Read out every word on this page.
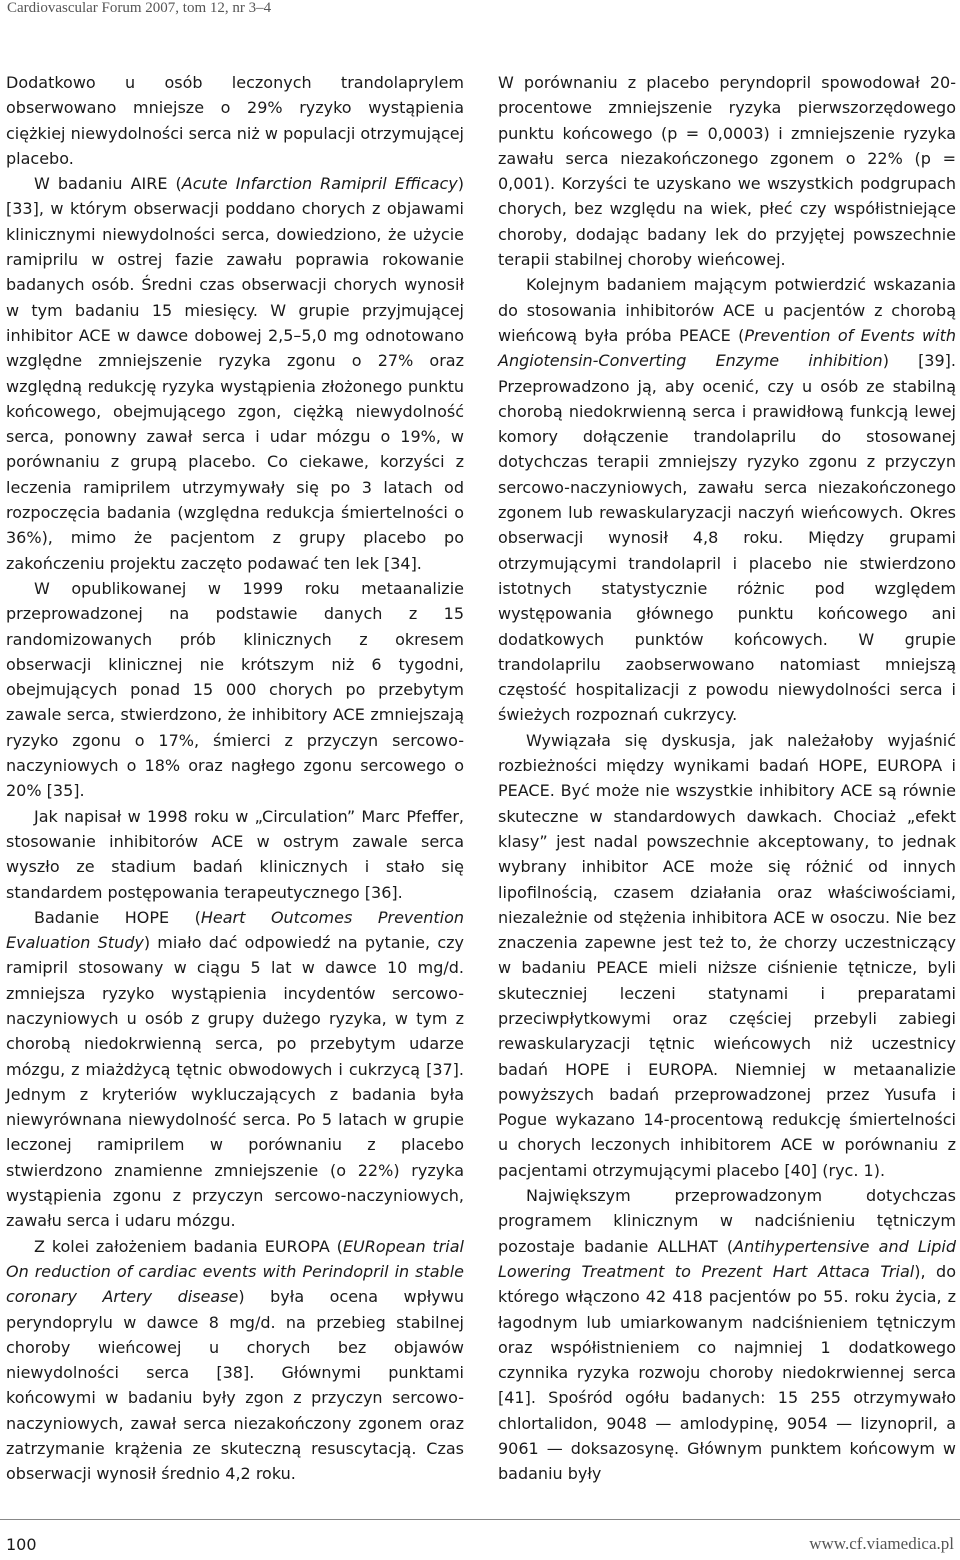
Cardiovascular Forum 2007, tom 12, nr 3–4

Dodatkowo u osób leczonych trandolaprylem obserwowano mniejsze o 29% ryzyko wystąpienia ciężkiej niewydolności serca niż w populacji otrzymującej placebo.

W badaniu AIRE (Acute Infarction Ramipril Efficacy) [33], w którym obserwacji poddano chorych z objawami klinicznymi niewydolności serca, dowiedziono, że użycie ramiprilu w ostrej fazie zawału poprawia rokowanie badanych osób. Średni czas obserwacji chorych wynosił w tym badaniu 15 miesięcy. W grupie przyjmującej inhibitor ACE w dawce dobowej 2,5–5,0 mg odnotowano względne zmniejszenie ryzyka zgonu o 27% oraz względną redukcję ryzyka wystąpienia złożonego punktu końcowego, obejmującego zgon, ciężką niewydolność serca, ponowny zawał serca i udar mózgu o 19%, w porównaniu z grupą placebo. Co ciekawe, korzyści z leczenia ramiprilem utrzymywały się po 3 latach od rozpoczęcia badania (względna redukcja śmiertelności o 36%), mimo że pacjentom z grupy placebo po zakończeniu projektu zaczęto podawać ten lek [34].

W opublikowanej w 1999 roku metaanalizie przeprowadzonej na podstawie danych z 15 randomizowanych prób klinicznych z okresem obserwacji klinicznej nie krótszym niż 6 tygodni, obejmujących ponad 15 000 chorych po przebytym zawale serca, stwierdzono, że inhibitory ACE zmniejszają ryzyko zgonu o 17%, śmierci z przyczyn sercowo-naczyniowych o 18% oraz nagłego zgonu sercowego o 20% [35].

Jak napisał w 1998 roku w „Circulation” Marc Pfeffer, stosowanie inhibitorów ACE w ostrym zawale serca wyszło ze stadium badań klinicznych i stało się standardem postępowania terapeutycznego [36].

Badanie HOPE (Heart Outcomes Prevention Evaluation Study) miało dać odpowiedź na pytanie, czy ramipril stosowany w ciągu 5 lat w dawce 10 mg/d. zmniejsza ryzyko wystąpienia incydentów sercowo-naczyniowych u osób z grupy dużego ryzyka, w tym z chorobą niedokrwienną serca, po przebytym udarze mózgu, z miażdżycą tętnic obwodowych i cukrzycą [37]. Jednym z kryteriów wykluczających z badania była niewyrównana niewydolność serca. Po 5 latach w grupie leczonej ramiprilem w porównaniu z placebo stwierdzono znamienne zmniejszenie (o 22%) ryzyka wystąpienia zgonu z przyczyn sercowo-naczyniowych, zawału serca i udaru mózgu.

Z kolei założeniem badania EUROPA (EURopean trial On reduction of cardiac events with Perindopril in stable coronary Artery disease) była ocena wpływu peryndoprylu w dawce 8 mg/d. na przebieg stabilnej choroby wieńcowej u chorych bez objawów niewydolności serca [38]. Głównymi punktami końcowymi w badaniu były zgon z przyczyn sercowo-naczyniowych, zawał serca niezakończony zgonem oraz zatrzymanie krążenia ze skuteczną resuscytacją. Czas obserwacji wynosił średnio 4,2 roku.

W porównaniu z placebo peryndopril spowodował 20-procentowe zmniejszenie ryzyka pierwszorzędowego punktu końcowego (p = 0,0003) i zmniejszenie ryzyka zawału serca niezakończonego zgonem o 22% (p = 0,001). Korzyści te uzyskano we wszystkich podgrupach chorych, bez względu na wiek, płeć czy współistniejące choroby, dodając badany lek do przyjętej powszechnie terapii stabilnej choroby wieńcowej.

Kolejnym badaniem mającym potwierdzić wskazania do stosowania inhibitorów ACE u pacjentów z chorobą wieńcową była próba PEACE (Prevention of Events with Angiotensin-Converting Enzyme inhibition) [39]. Przeprowadzono ją, aby ocenić, czy u osób ze stabilną chorobą niedokrwienną serca i prawidłową funkcją lewej komory dołączenie trandolaprilu do stosowanej dotychczas terapii zmniejszy ryzyko zgonu z przyczyn sercowo-naczyniowych, zawału serca niezakończonego zgonem lub rewaskularyzacji naczyń wieńcowych. Okres obserwacji wynosił 4,8 roku. Między grupami otrzymującymi trandolapril i placebo nie stwierdzono istotnych statystycznie różnic pod względem występowania głównego punktu końcowego ani dodatkowych punktów końcowych. W grupie trandolaprilu zaobserwowano natomiast mniejszą częstość hospitalizacji z powodu niewydolności serca i świeżych rozpoznań cukrzycy.

Wywiązała się dyskusja, jak należałoby wyjaśnić rozbieżności między wynikami badań HOPE, EUROPA i PEACE. Być może nie wszystkie inhibitory ACE są równie skuteczne w standardowych dawkach. Chociaż „efekt klasy” jest nadal powszechnie akceptowany, to jednak wybrany inhibitor ACE może się różnić od innych lipofilnością, czasem działania oraz właściwościami, niezależnie od stężenia inhibitora ACE w osoczu. Nie bez znaczenia zapewne jest też to, że chorzy uczestniczący w badaniu PEACE mieli niższe ciśnienie tętnicze, byli skuteczniej leczeni statynami i preparatami przeciwpłytkowymi oraz częściej przebyli zabiegi rewaskularyzacji tętnic wieńcowych niż uczestnicy badań HOPE i EUROPA. Niemniej w metaanalizie powyższych badań przeprowadzonej przez Yusufa i Pogue wykazano 14-procentową redukcję śmiertelności u chorych leczonych inhibitorem ACE w porównaniu z pacjentami otrzymującymi placebo [40] (ryc. 1).

Największym przeprowadzonym dotychczas programem klinicznym w nadciśnieniu tętniczym pozostaje badanie ALLHAT (Antihypertensive and Lipid Lowering Treatment to Prezent Hart Attaca Trial), do którego włączono 42 418 pacjentów po 55. roku życia, z łagodnym lub umiarkowanym nadciśnieniem tętniczym oraz współistnieniem co najmniej 1 dodatkowego czynnika ryzyka rozwoju choroby niedokrwiennej serca [41]. Spośród ogółu badanych: 15 255 otrzymywało chlortalidon, 9048 — amlodypinę, 9054 — lizynopril, a 9061 — doksazosynę. Głównym punktem końcowym w badaniu były

100	www.cf.viamedica.pl
